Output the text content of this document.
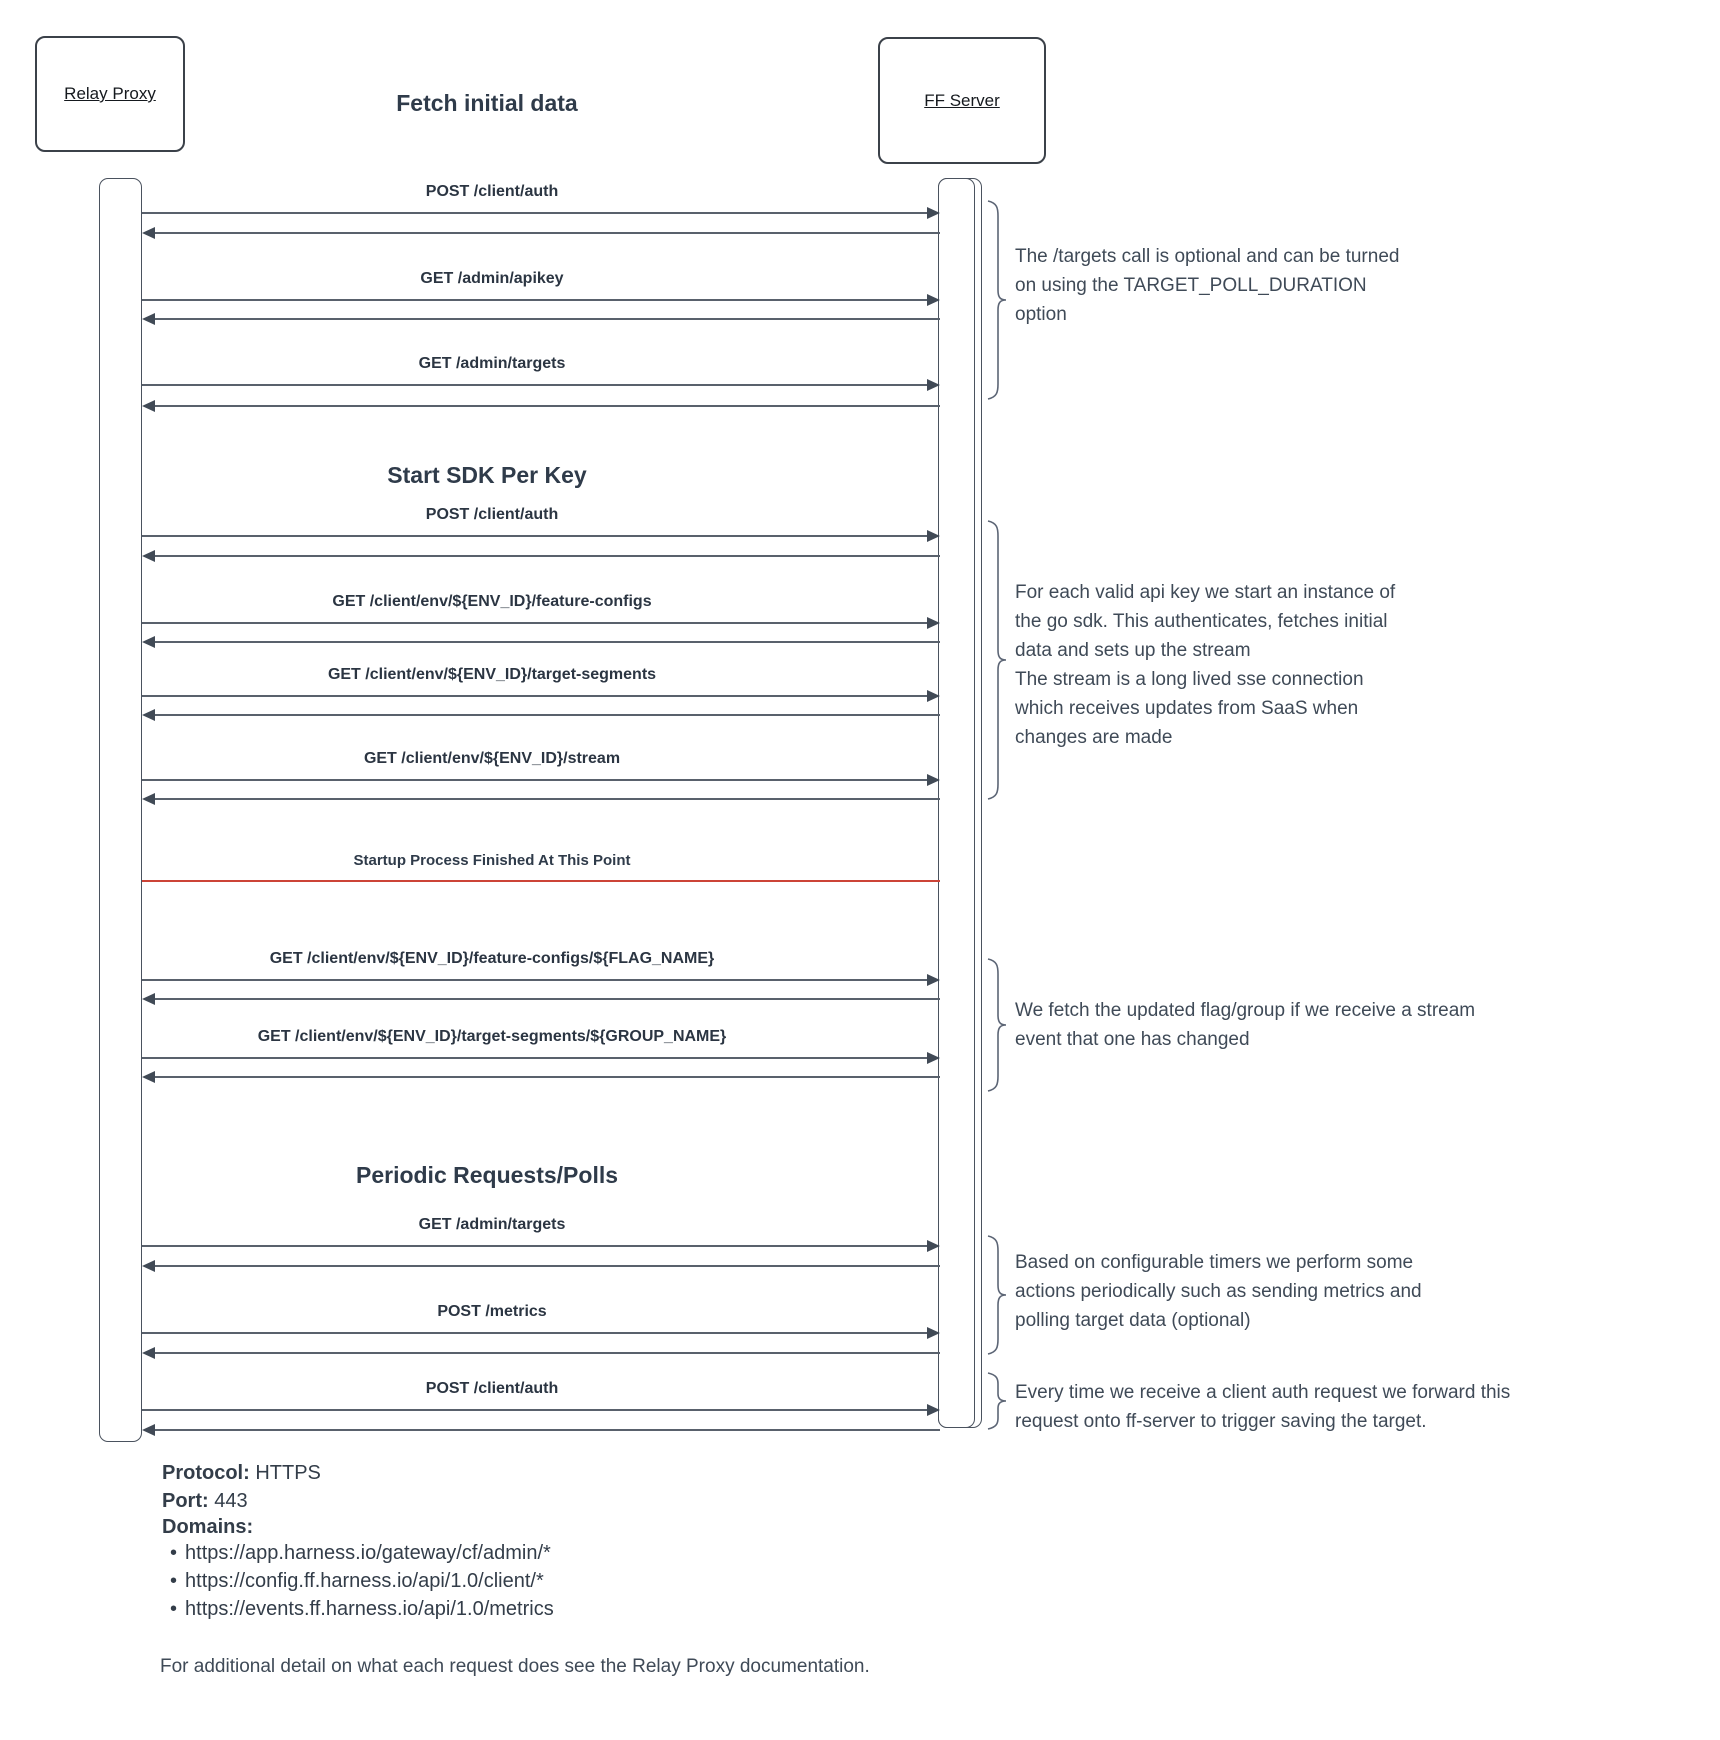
Relay Proxy	FF Server
Fetch initial data
Start SDK Per Key
Periodic Requests/Polls
POST /client/auth
GET /admin/apikey
GET /admin/targets
POST /client/auth
GET /client/env/${ENV_ID}/feature-configs
GET /client/env/${ENV_ID}/target-segments
GET /client/env/${ENV_ID}/stream
Startup Process Finished At This Point
GET /client/env/${ENV_ID}/feature-configs/${FLAG_NAME}
GET /client/env/${ENV_ID}/target-segments/${GROUP_NAME}
GET /admin/targets
POST /metrics
POST /client/auth
The /targets call is optional and can be turned
on using the TARGET_POLL_DURATION
option
For each valid api key we start an instance of
the go sdk. This authenticates, fetches initial
data and sets up the stream
The stream is a long lived sse connection
which receives updates from SaaS when
changes are made
We fetch the updated flag/group if we receive a stream
event that one has changed
Based on configurable timers we perform some
actions periodically such as sending metrics and
polling target data (optional)
Every time we receive a client auth request we forward this
request onto ff-server to trigger saving the target.
Protocol: HTTPS
Port: 443
Domains:
• https://app.harness.io/gateway/cf/admin/*
• https://config.ff.harness.io/api/1.0/client/*
• https://events.ff.harness.io/api/1.0/metrics
For additional detail on what each request does see the Relay Proxy documentation.
